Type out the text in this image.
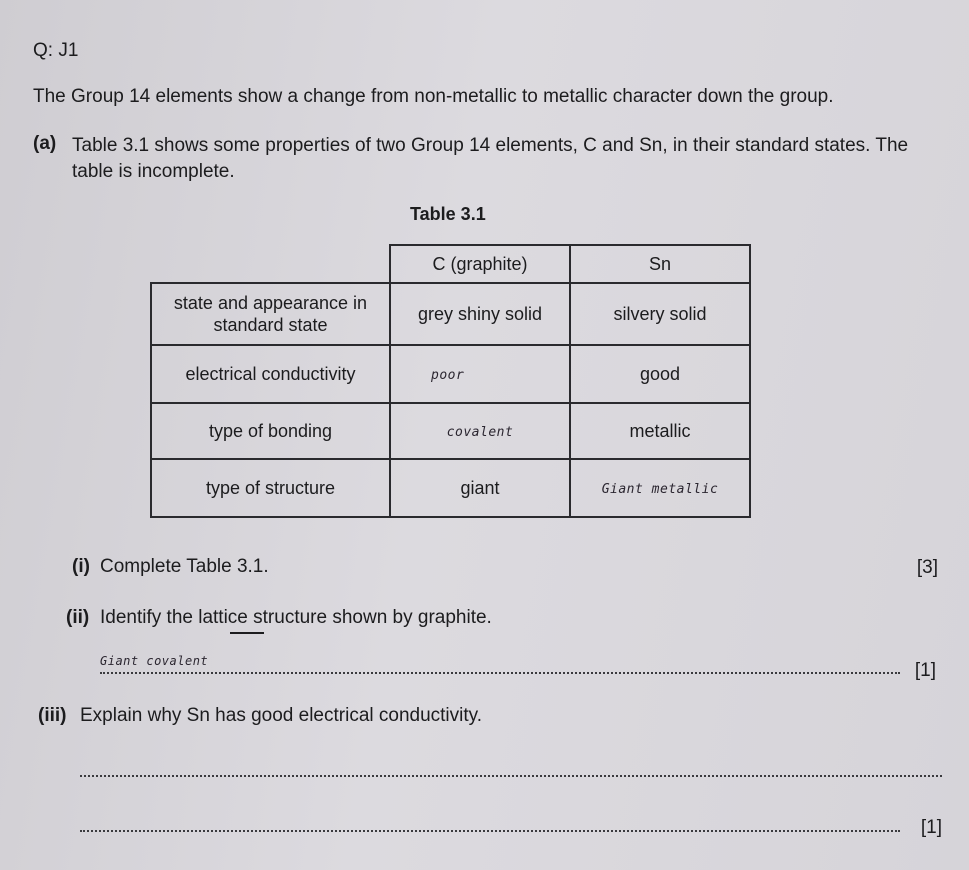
Q: J1
The Group 14 elements show a change from non-metallic to metallic character down the group.
(a) Table 3.1 shows some properties of two Group 14 elements, C and Sn, in their standard states. The table is incomplete.
Table 3.1
	C (graphite)	Sn
state and appearance in standard state	grey shiny solid	silvery solid
electrical conductivity	poor	good
type of bonding	covalent	metallic
type of structure	giant	Giant metallic
(i) Complete Table 3.1.	[3]
(ii) Identify the lattice structure shown by graphite.
Giant covalent	[1]
(iii) Explain why Sn has good electrical conductivity.
[1]
